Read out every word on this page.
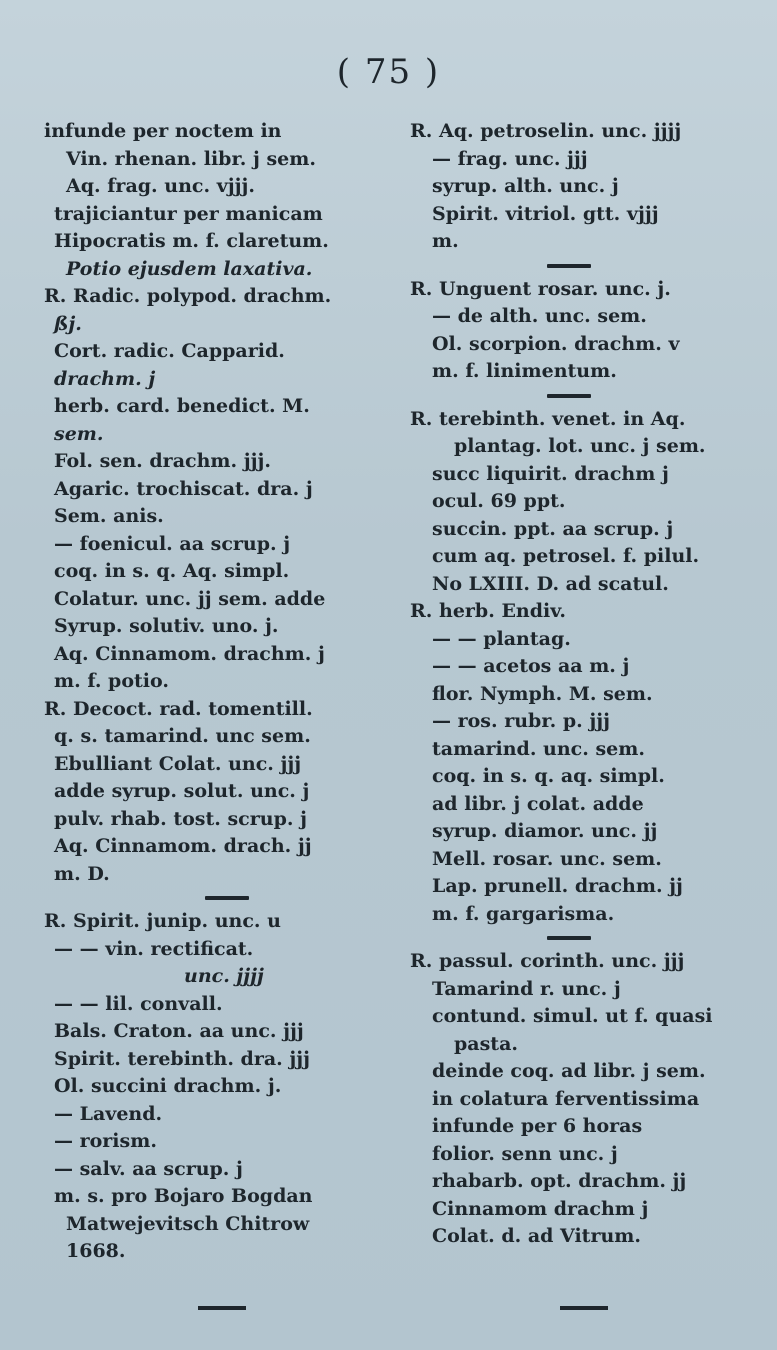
( 75 )
infunde per noctem in
Vin. rhenan. libr. j sem.
Aq. frag. unc. vjjj.
trajiciantur per manicam
Hipocratis m. f. claretum.
Potio ejusdem laxativa.
R. Radic. polypod. drachm.
ßj.
Cort. radic. Capparid.
drachm. j
herb. card. benedict. M.
sem.
Fol. sen. drachm. jjj.
Agaric. trochiscat. dra. j
Sem. anis.
— foenicul. aa scrup. j
coq. in s. q. Aq. simpl.
Colatur. unc. jj sem. adde
Syrup. solutiv. uno. j.
Aq. Cinnamom. drachm. j
m. f. potio.
R. Decoct. rad. tomentill.
q. s. tamarind. unc sem.
Ebulliant Colat. unc. jjj
adde syrup. solut. unc. j
pulv. rhab. tost. scrup. j
Aq. Cinnamom. drach. jj
m. D.
R. Spirit. junip. unc. u
— — vin. rectificat.
unc. jjjj
— — lil. convall.
Bals. Craton. aa unc. jjj
Spirit. terebinth. dra. jjj
Ol. succini drachm. j.
— Lavend.
— rorism.
— salv. aa scrup. j
m. s. pro Bojaro Bogdan
Matwejevitsch Chitrow
1668.
R. Aq. petroselin. unc. jjjj
— frag. unc. jjj
syrup. alth. unc. j
Spirit. vitriol. gtt. vjjj
m.
R. Unguent rosar. unc. j.
— de alth. unc. sem.
Ol. scorpion. drachm. v
m. f. linimentum.
R. terebinth. venet. in Aq.
plantag. lot. unc. j sem.
succ liquirit. drachm j
ocul. 69 ppt.
succin. ppt. aa scrup. j
cum aq. petrosel. f. pilul.
No LXIII. D. ad scatul.
R. herb. Endiv.
— — plantag.
— — acetos aa m. j
flor. Nymph. M. sem.
— ros. rubr. p. jjj
tamarind. unc. sem.
coq. in s. q. aq. simpl.
ad libr. j colat. adde
syrup. diamor. unc. jj
Mell. rosar. unc. sem.
Lap. prunell. drachm. jj
m. f. gargarisma.
R. passul. corinth. unc. jjj
Tamarind r. unc. j
contund. simul. ut f. quasi
pasta.
deinde coq. ad libr. j sem.
in colatura ferventissima
infunde per 6 horas
folior. senn unc. j
rhabarb. opt. drachm. jj
Cinnamom drachm j
Colat. d. ad Vitrum.
